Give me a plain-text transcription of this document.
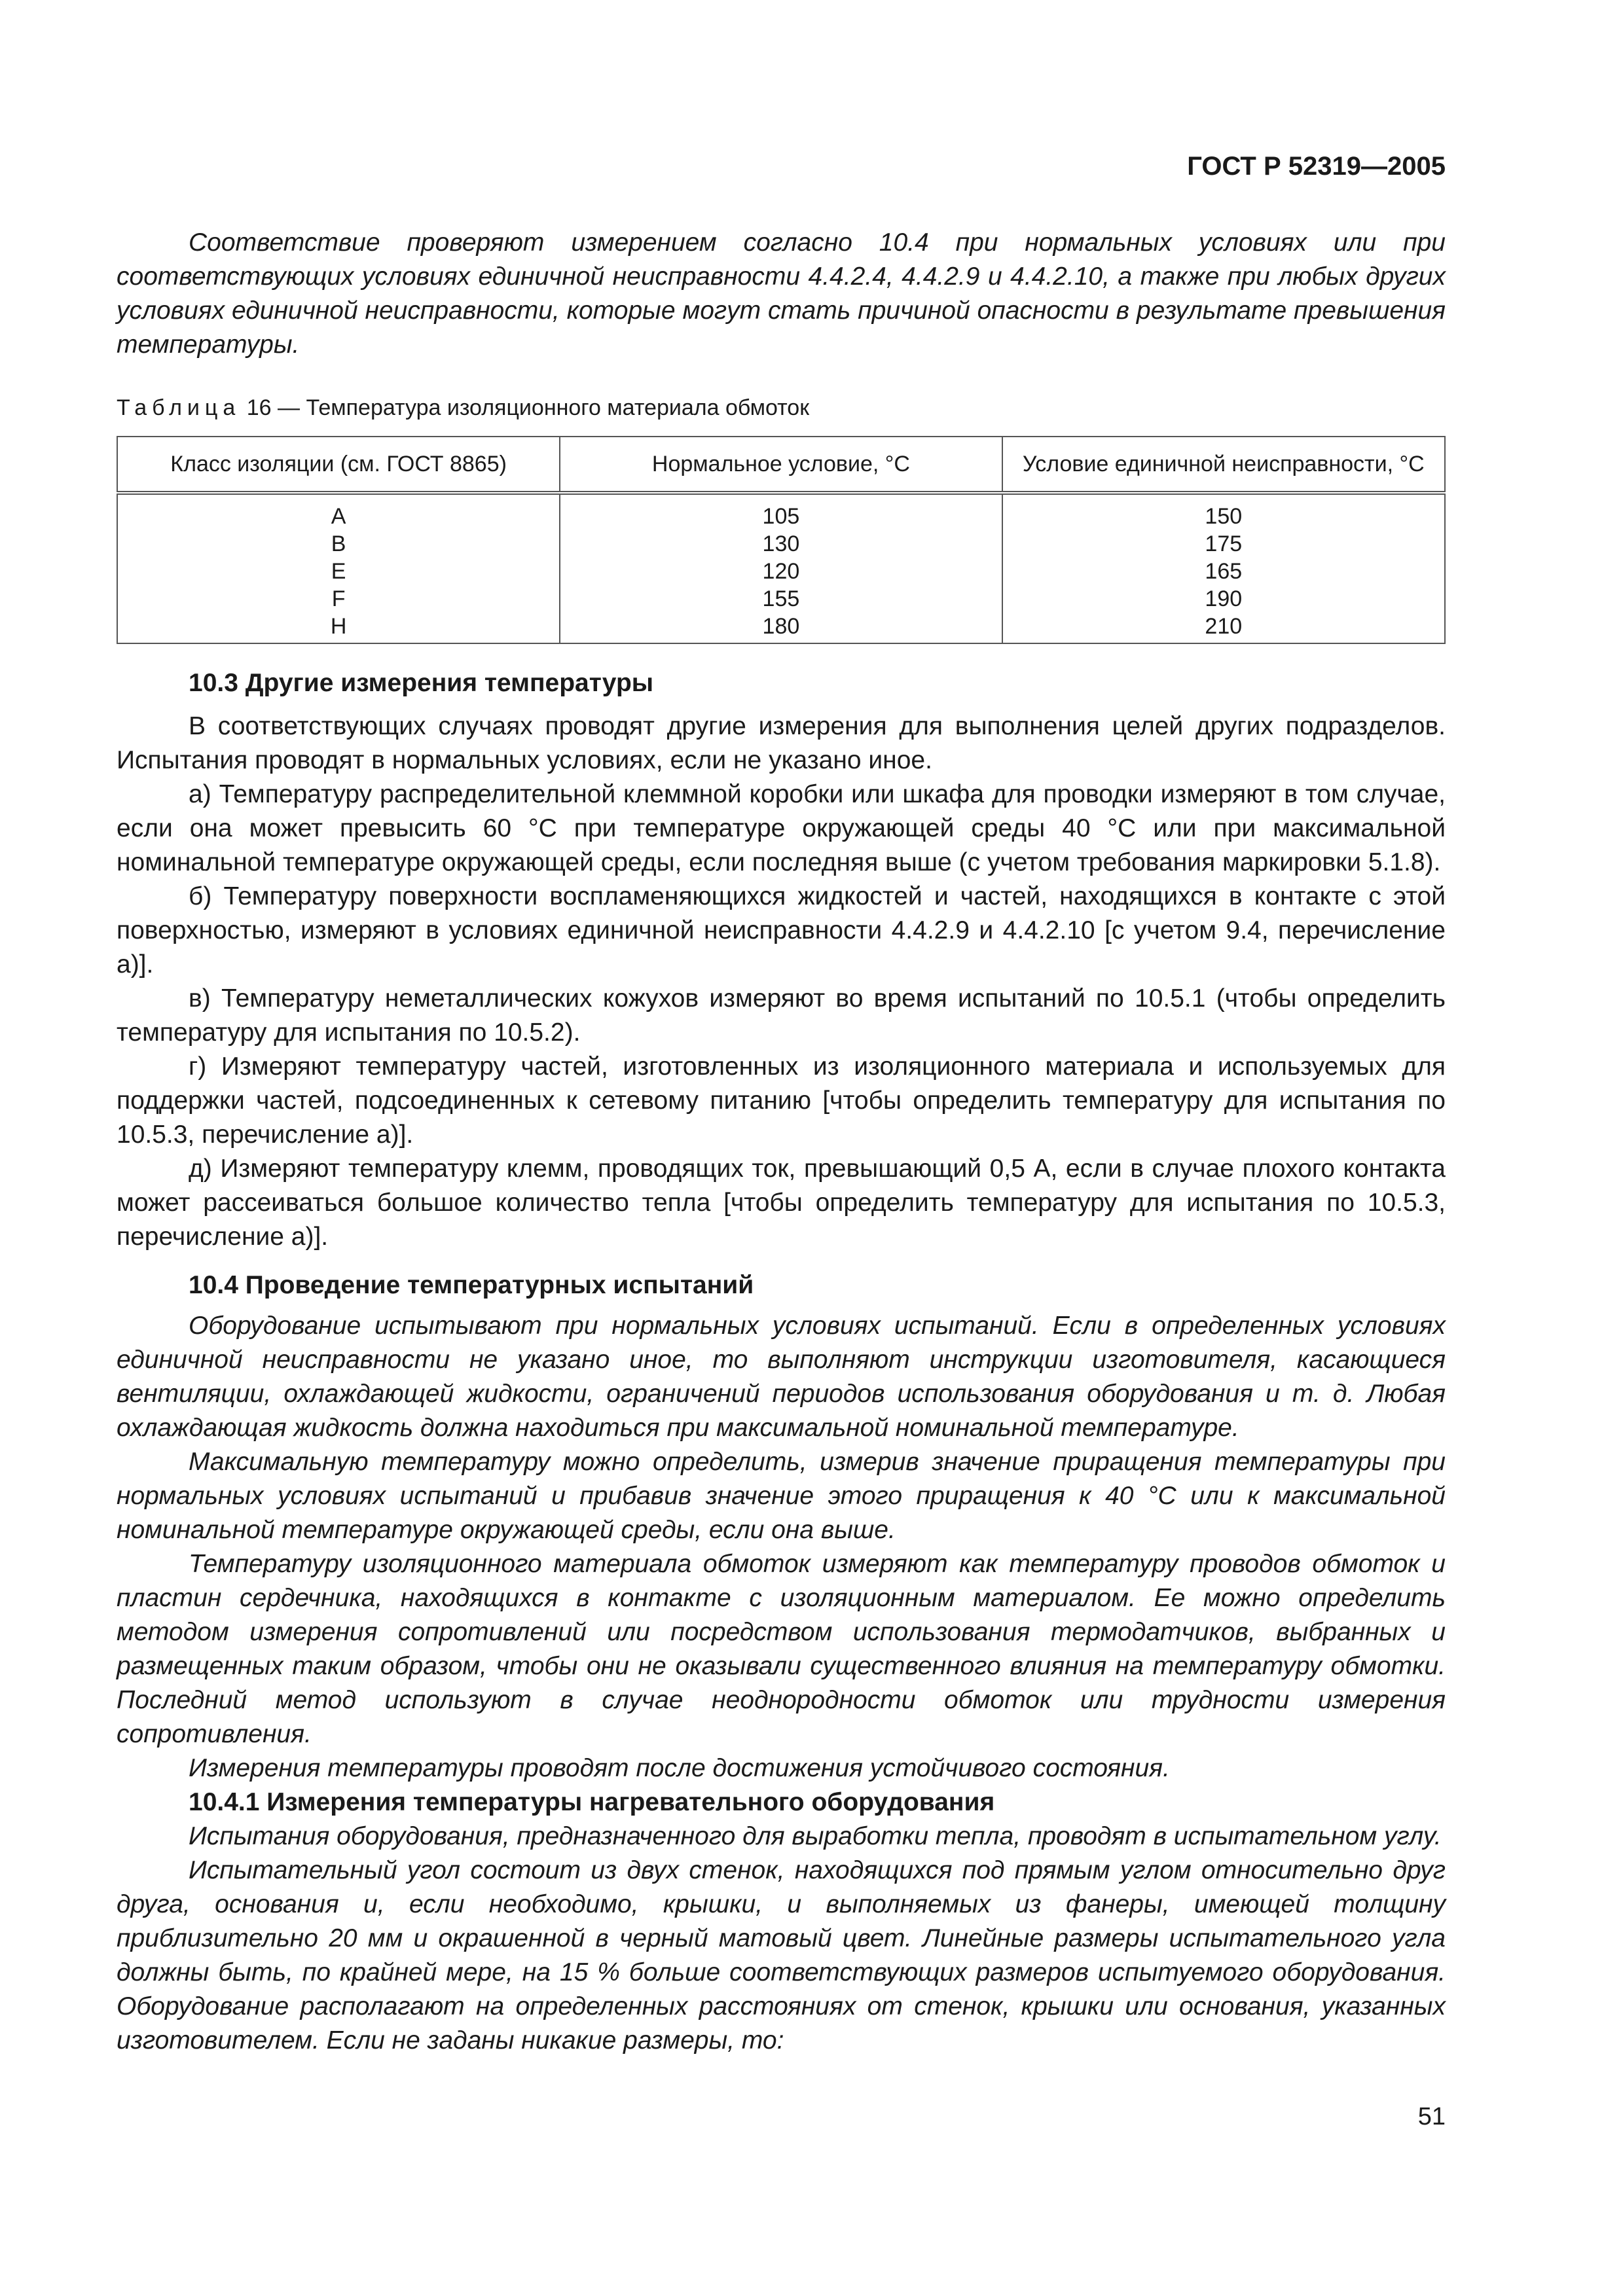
ГОСТ Р 52319—2005

Соответствие проверяют измерением согласно 10.4 при нормальных условиях или при соответствующих условиях единичной неисправности 4.4.2.4, 4.4.2.9 и 4.4.2.10, а также при любых других условиях единичной неисправности, которые могут стать причиной опасности в результате превышения температуры.

Таблица 16 — Температура изоляционного материала обмоток

Класс изоляции (см. ГОСТ 8865)	Нормальное условие, °С	Условие единичной неисправности, °С
A	105	150
B	130	175
E	120	165
F	155	190
H	180	210

10.3 Другие измерения температуры

В соответствующих случаях проводят другие измерения для выполнения целей других подразделов. Испытания проводят в нормальных условиях, если не указано иное.

а) Температуру распределительной клеммной коробки или шкафа для проводки измеряют в том случае, если она может превысить 60 °С при температуре окружающей среды 40 °С или при максимальной номинальной температуре окружающей среды, если последняя выше (с учетом требования маркировки 5.1.8).

б) Температуру поверхности воспламеняющихся жидкостей и частей, находящихся в контакте с этой поверхностью, измеряют в условиях единичной неисправности 4.4.2.9 и 4.4.2.10 [с учетом 9.4, перечисление а)].

в) Температуру неметаллических кожухов измеряют во время испытаний по 10.5.1 (чтобы определить температуру для испытания по 10.5.2).

г) Измеряют температуру частей, изготовленных из изоляционного материала и используемых для поддержки частей, подсоединенных к сетевому питанию [чтобы определить температуру для испытания по 10.5.3, перечисление а)].

д) Измеряют температуру клемм, проводящих ток, превышающий 0,5 А, если в случае плохого контакта может рассеиваться большое количество тепла [чтобы определить температуру для испытания по 10.5.3, перечисление а)].

10.4 Проведение температурных испытаний

Оборудование испытывают при нормальных условиях испытаний. Если в определенных условиях единичной неисправности не указано иное, то выполняют инструкции изготовителя, касающиеся вентиляции, охлаждающей жидкости, ограничений периодов использования оборудования и т. д. Любая охлаждающая жидкость должна находиться при максимальной номинальной температуре.

Максимальную температуру можно определить, измерив значение приращения температуры при нормальных условиях испытаний и прибавив значение этого приращения к 40 °С или к максимальной номинальной температуре окружающей среды, если она выше.

Температуру изоляционного материала обмоток измеряют как температуру проводов обмоток и пластин сердечника, находящихся в контакте с изоляционным материалом. Ее можно определить методом измерения сопротивлений или посредством использования термодатчиков, выбранных и размещенных таким образом, чтобы они не оказывали существенного влияния на температуру обмотки. Последний метод используют в случае неоднородности обмоток или трудности измерения сопротивления.

Измерения температуры проводят после достижения устойчивого состояния.

10.4.1 Измерения температуры нагревательного оборудования

Испытания оборудования, предназначенного для выработки тепла, проводят в испытательном углу.

Испытательный угол состоит из двух стенок, находящихся под прямым углом относительно друг друга, основания и, если необходимо, крышки, и выполняемых из фанеры, имеющей толщину приблизительно 20 мм и окрашенной в черный матовый цвет. Линейные размеры испытательного угла должны быть, по крайней мере, на 15 % больше соответствующих размеров испытуемого оборудования. Оборудование располагают на определенных расстояниях от стенок, крышки или основания, указанных изготовителем. Если не заданы никакие размеры, то:

51
